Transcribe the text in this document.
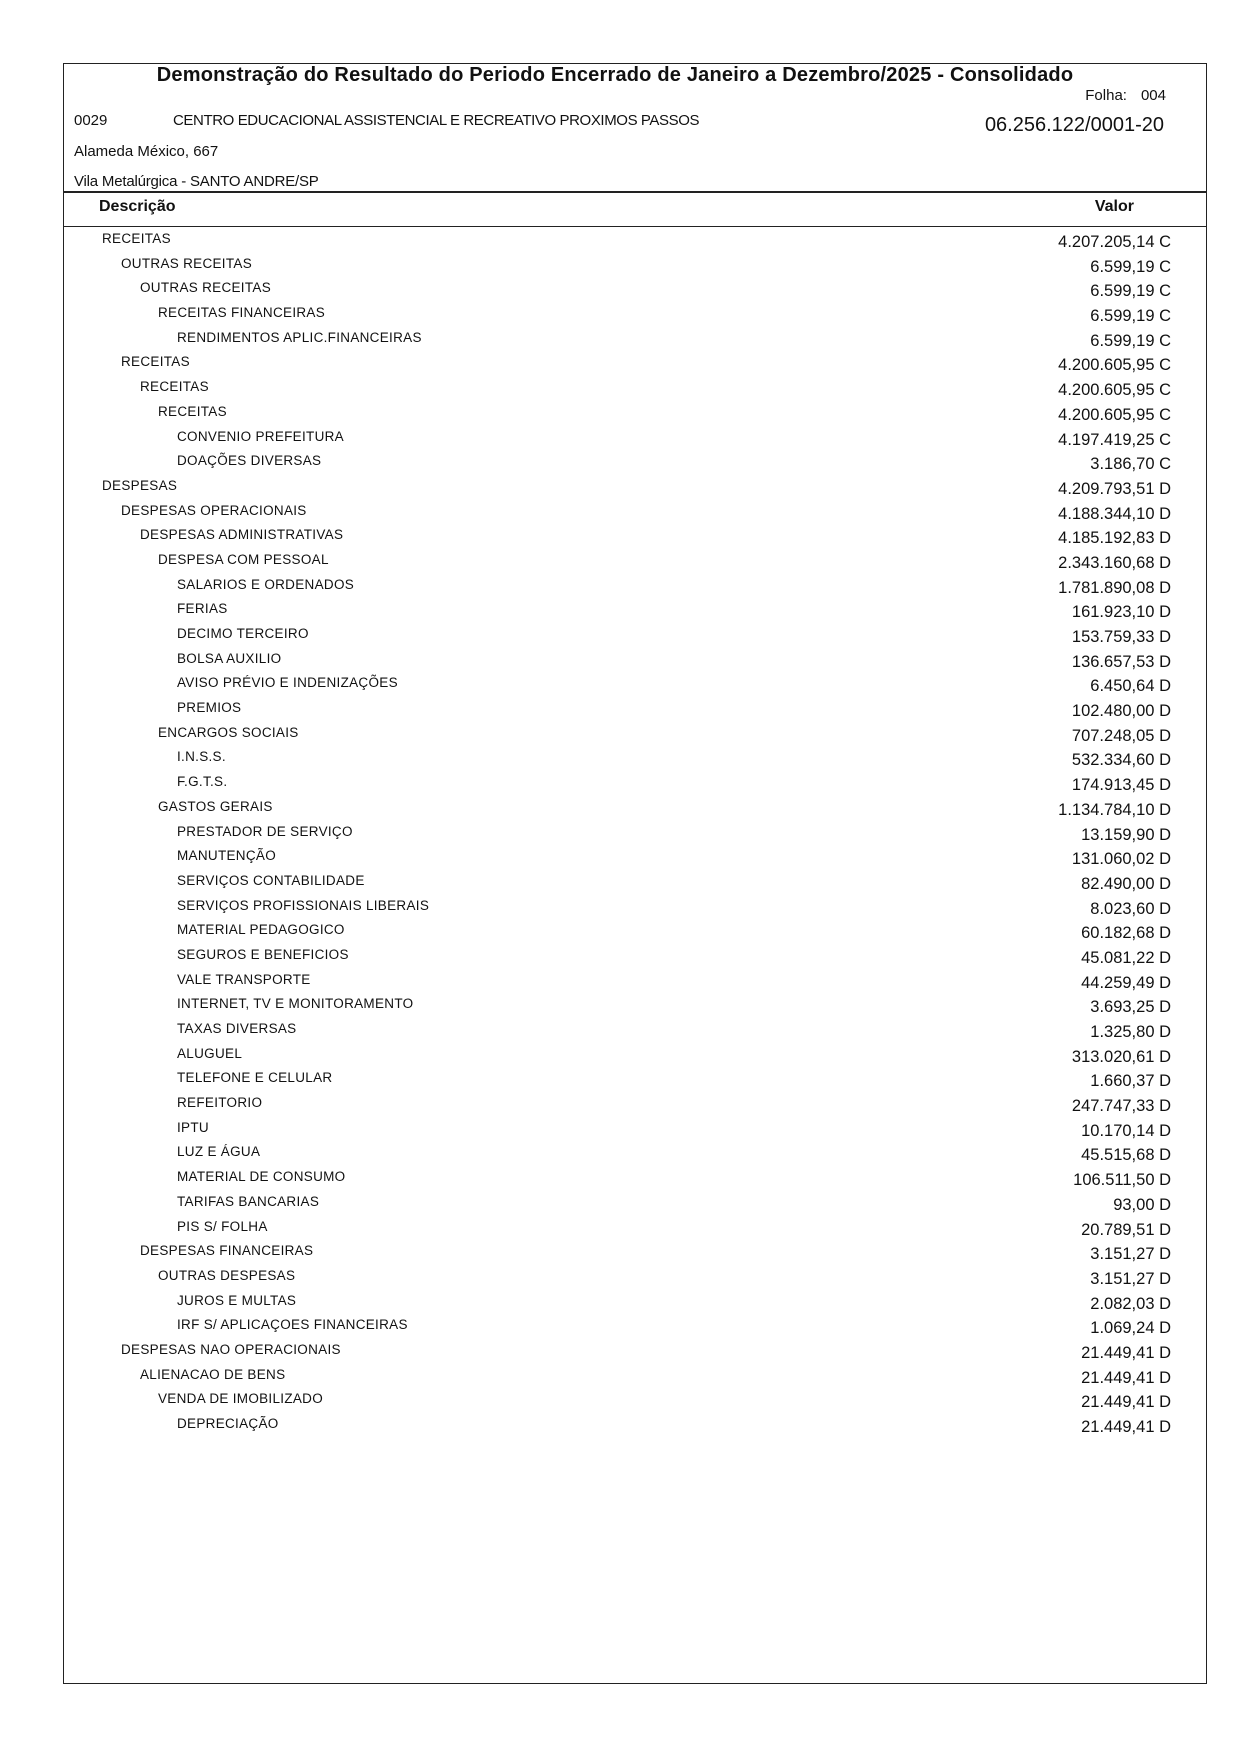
Demonstração do Resultado do Periodo Encerrado de Janeiro a Dezembro/2025 - Consolidado
Folha: 004
0029	CENTRO EDUCACIONAL ASSISTENCIAL E RECREATIVO PROXIMOS PASSOS	06.256.122/0001-20
Alameda México, 667
Vila Metalúrgica - SANTO ANDRE/SP
Descrição	Valor
RECEITAS	4.207.205,14 C
OUTRAS RECEITAS	6.599,19 C
OUTRAS RECEITAS	6.599,19 C
RECEITAS FINANCEIRAS	6.599,19 C
RENDIMENTOS APLIC.FINANCEIRAS	6.599,19 C
RECEITAS	4.200.605,95 C
RECEITAS	4.200.605,95 C
RECEITAS	4.200.605,95 C
CONVENIO PREFEITURA	4.197.419,25 C
DOAÇÕES DIVERSAS	3.186,70 C
DESPESAS	4.209.793,51 D
DESPESAS OPERACIONAIS	4.188.344,10 D
DESPESAS ADMINISTRATIVAS	4.185.192,83 D
DESPESA COM PESSOAL	2.343.160,68 D
SALARIOS E ORDENADOS	1.781.890,08 D
FERIAS	161.923,10 D
DECIMO TERCEIRO	153.759,33 D
BOLSA AUXILIO	136.657,53 D
AVISO PRÉVIO E INDENIZAÇÕES	6.450,64 D
PREMIOS	102.480,00 D
ENCARGOS SOCIAIS	707.248,05 D
I.N.S.S.	532.334,60 D
F.G.T.S.	174.913,45 D
GASTOS GERAIS	1.134.784,10 D
PRESTADOR DE SERVIÇO	13.159,90 D
MANUTENÇÃO	131.060,02 D
SERVIÇOS CONTABILIDADE	82.490,00 D
SERVIÇOS PROFISSIONAIS LIBERAIS	8.023,60 D
MATERIAL PEDAGOGICO	60.182,68 D
SEGUROS E BENEFICIOS	45.081,22 D
VALE TRANSPORTE	44.259,49 D
INTERNET, TV E MONITORAMENTO	3.693,25 D
TAXAS DIVERSAS	1.325,80 D
ALUGUEL	313.020,61 D
TELEFONE E CELULAR	1.660,37 D
REFEITORIO	247.747,33 D
IPTU	10.170,14 D
LUZ E ÁGUA	45.515,68 D
MATERIAL DE CONSUMO	106.511,50 D
TARIFAS BANCARIAS	93,00 D
PIS S/ FOLHA	20.789,51 D
DESPESAS FINANCEIRAS	3.151,27 D
OUTRAS DESPESAS	3.151,27 D
JUROS E MULTAS	2.082,03 D
IRF S/ APLICAÇOES FINANCEIRAS	1.069,24 D
DESPESAS NAO OPERACIONAIS	21.449,41 D
ALIENACAO DE BENS	21.449,41 D
VENDA DE IMOBILIZADO	21.449,41 D
DEPRECIAÇÃO	21.449,41 D
